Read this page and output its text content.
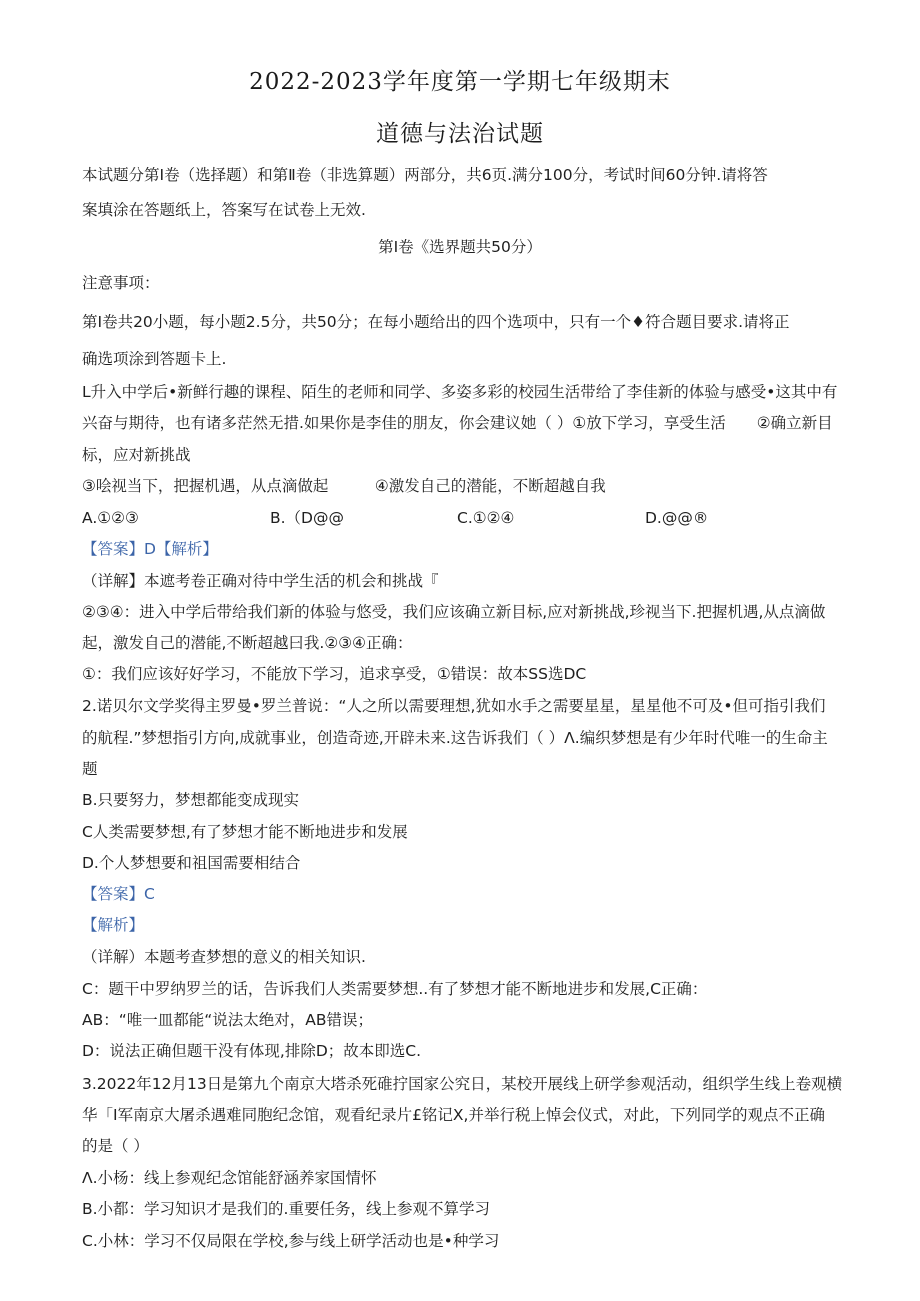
2022-2023学年度第一学期七年级期末
道德与法治试题
本试题分第Ⅰ卷（选择题）和第Ⅱ卷（非选算题）两部分，共6页.满分100分，考试时间60分钟.请将答
案填涂在答题纸上，答案写在试卷上无效.
第Ⅰ卷《选界题共50分）
注意事项：
第Ⅰ卷共20小题，每小题2.5分，共50分；在每小题给出的四个选项中，只有一个♦符合题目要求.请将正
确选项涂到答题卡上.
L升入中学后•新鲜行趣的课程、陌生的老师和同学、多姿多彩的校园生活带给了李佳新的体验与感受•这其中有
兴奋与期待，也有诸多茫然无措.如果你是李佳的朋友，你会建议她（ ）①放下学习，享受生活　　②确立新目
标，应对新挑战
③哙视当下，把握机遇，从点滴做起　　　④激发自己的潜能，不断超越自我
A.①②③	B.（D@@	C.①②④	D.@@®
【答案】D【解析】
（详解】本遮考卷正确对待中学生活的机会和挑战『
②③④：进入中学后带给我们新的体验与悠受，我们应该确立新目标,应对新挑战,珍视当下.把握机遇,从点滴做
起，激发自己的潜能,不断超越曰我.②③④正确：
①：我们应该好好学习，不能放下学习，追求享受，①错误：故本SS选DC
2.诺贝尔文学奖得主罗曼•罗兰普说：“人之所以需要理想,犹如水手之需要星星，星星他不可及•但可指引我们
的航程.”梦想指引方向,成就事业，创造奇迹,开辟未来.这告诉我们（ ）Λ.编织梦想是有少年时代唯一的生命主
题
B.只要努力，梦想都能变成现实
C人类需要梦想,有了梦想才能不断地进步和发展
D.个人梦想要和祖国需要相结合
【答案】C
【解析】
（详解）本题考查梦想的意义的相关知识.
C：题干中罗纳罗兰的话，告诉我们人类需要梦想..有了梦想才能不断地进步和发展,C正确：
AB：“唯一皿都能“说法太绝对，AB错误；
D：说法正确但题干没有体现,排除D；故本即选C.
3.2022年12月13日是第九个南京大塔杀死碓拧国家公究日，某校开展线上研学参观活动，组织学生线上卷观横
华「I军南京大屠杀遇难同胞纪念馆，观看纪录片£铭记X,并举行税上悼会仪式，对此，下列同学的观点不正确
的是（ ）
Λ.小杨：线上参观纪念馆能舒涵养家国情怀
B.小都：学习知识才是我们的.重要任务，线上参观不算学习
C.小林：学习不仅局限在学校,参与线上研学活动也是•种学习
